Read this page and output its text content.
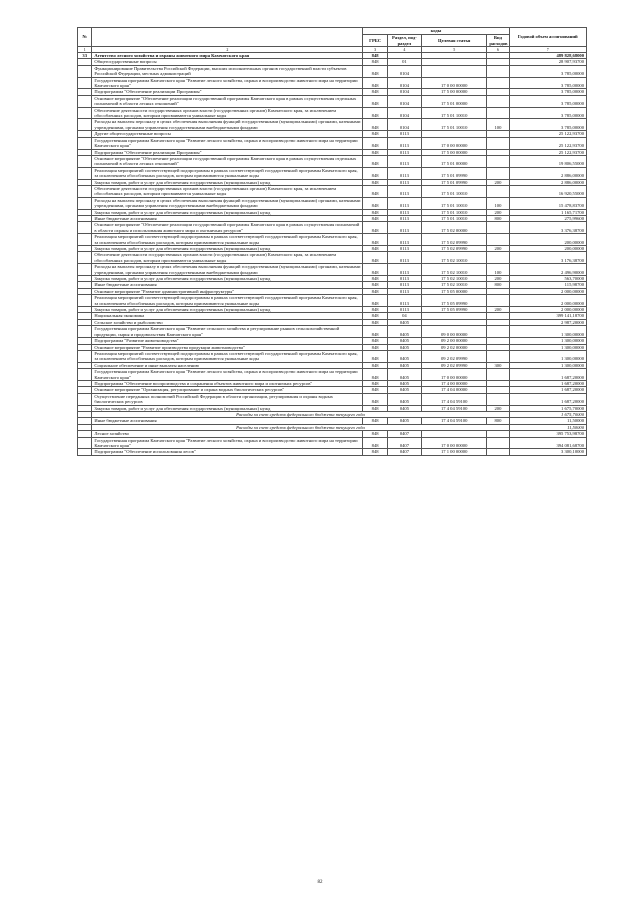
№		коды				Годовой объем ассигнований
		ГРБС	Раздел, под-раздел	Целевая статья	Вид расходов	
1	2	3	4	5	6	7
33	Агентство лесного хозяйства и охраны животного мира Камчатского края	848				489 828,68000
	Общегосударственные вопросы	848	01			28 907,93700
	Функционирование Правительства Российской Федерации, высших исполнительных органов государственной власти субъектов Российской Федерации, местных администраций	848	0104			3 785,00000
	Государственная программа Камчатского края "Развитие лесного хозяйства, охрана и воспроизводство животного мира на территории Камчатского края"	848	0104	17 0 00 00000		3 785,00000
	Подпрограмма "Обеспечение реализации Программы"	848	0104	17 5 00 00000		3 785,00000
	Основное мероприятие "Обеспечение реализации государственной программы Камчатского края в рамках осуществления отдельных полномочий в области лесных отношений"	848	0104	17 5 01 00000		3 785,00000
	Обеспечение деятельности государственных органов власти (государственных органов) Камчатского края, за исключением обособленных расходов, которым присваиваются уникальные коды	848	0104	17 5 01 10010		3 785,00000
	Расходы на выплаты персоналу в целях обеспечения выполнения функций государственными (муниципальными) органами, казенными учреждениями, органами управления государственными внебюджетными фондами	848	0104	17 5 01 10010	100	3 785,00000
	Другие общегосударственные вопросы	848	0113			25 122,93700
	Государственная программа Камчатского края "Развитие лесного хозяйства, охрана и воспроизводство животного мира на территории Камчатского края"	848	0113	17 0 00 00000		25 122,93700
	Подпрограмма "Обеспечение реализации Программы"	848	0113	17 5 00 00000		25 122,93700
	Основное мероприятие "Обеспечение реализации государственной программы Камчатского края в рамках осуществления отдельных полномочий в области лесных отношений"	848	0113	17 5 01 00000		19 806,55000
	Реализация мероприятий соответствующей подпрограммы в рамках соответствующей государственной программы Камчатского края, за исключением обособленных расходов, которым присваиваются уникальные коды	848	0113	17 5 01 09990		2 886,00000
	Закупка товаров, работ и услуг для обеспечения государственных (муниципальных) нужд	848	0113	17 5 01 09990	200	2 886,00000
	Обеспечение деятельности государственных органов власти (государственных органов) Камчатского края, за исключением обособленных расходов, которым присваиваются уникальные коды	848	0113	17 5 01 10010		16 920,55000
	Расходы на выплаты персоналу в целях обеспечения выполнения функций государственными (муниципальными) органами, казенными учреждениями, органами управления государственными внебюджетными фондами	848	0113	17 5 01 10010	100	15 478,83700
	Закупка товаров, работ и услуг для обеспечения государственных (муниципальных) нужд	848	0113	17 5 01 10010	200	1 165,71700
	Иные бюджетные ассигнования	848	0113	17 5 01 10010	800	275,99600
	Основное мероприятие "Обеспечение реализации государственной программы Камчатского края в рамках осуществления полномочий в области охраны и использования животного мира и охотничьих ресурсов"	848	0113	17 5 02 00000		3 376,38700
	Реализация мероприятий соответствующей подпрограммы в рамках соответствующей государственной программы Камчатского края, за исключением обособленных расходов, которым присваиваются уникальные коды	848	0113	17 5 02 09990		200,00000
	Закупка товаров, работ и услуг для обеспечения государственных (муниципальных) нужд	848	0113	17 5 02 09990	200	200,00000
	Обеспечение деятельности государственных органов власти (государственных органов) Камчатского края, за исключением обособленных расходов, которым присваиваются уникальные коды	848	0113	17 5 02 10010		3 176,38700
	Расходы на выплаты персоналу в целях обеспечения выполнения функций государственными (муниципальными) органами, казенными учреждениями, органами управления государственными внебюджетными фондами	848	0113	17 5 02 10010	100	2 496,90000
	Закупка товаров, работ и услуг для обеспечения государственных (муниципальных) нужд	848	0113	17 5 02 10010	200	563,70000
	Иные бюджетные ассигнования	848	0113	17 5 02 10010	800	115,98700
	Основное мероприятие "Развитие административной инфраструктуры"	848	0113	17 5 05 00000		2 000,00000
	Реализация мероприятий соответствующей подпрограммы в рамках соответствующей государственной программы Камчатского края, за исключением обособленных расходов, которым присваиваются уникальные коды	848	0113	17 5 05 09990		2 000,00000
	Закупка товаров, работ и услуг для обеспечения государственных (муниципальных) нужд	848	0113	17 5 05 09990	200	2 000,00000
	Национальная экономика	848	04			399 141,18700
	Сельское хозяйство и рыболовство	848	0405			2 987,20000
	Государственная программа Камчатского края "Развитие сельского хозяйства и регулирование рынков сельскохозяйственной продукции, сырья и продовольствия Камчатского края"	848	0405	09 0 00 00000		1 300,00000
	Подпрограмма "Развитие животноводства"	848	0405	09 2 00 00000		1 300,00000
	Основное мероприятие "Развитие производства продукции животноводства"	848	0405	09 2 02 00000		1 300,00000
	Реализация мероприятий соответствующей подпрограммы в рамках соответствующей государственной программы Камчатского края, за исключением обособленных расходов, которым присваиваются уникальные коды	848	0405	09 2 02 09990		1 300,00000
	Социальное обеспечение и иные выплаты населению	848	0405	09 2 02 09990	300	1 300,00000
	Государственная программа Камчатского края "Развитие лесного хозяйства, охрана и воспроизводство животного мира на территории Камчатского края"	848	0405	17 0 00 00000		1 687,20000
	Подпрограмма "Обеспечение воспроизводства и сохранения объектов животного мира и охотничьих ресурсов"	848	0405	17 4 00 00000		1 687,20000
	Основное мероприятие "Организация, регулирование и охрана водных биологических ресурсов"	848	0405	17 4 04 00000		1 687,20000
	Осуществление переданных полномочий Российской Федерации в области организации, регулирования и охраны водных биологических ресурсов	848	0405	17 4 04 59100		1 687,20000
	Закупка товаров, работ и услуг для обеспечения государственных (муниципальных) нужд	848	0405	17 4 04 59100	200	1 675,70000
	Расходы за счет средств федерального бюджета текущего года					1 675,70000
	Иные бюджетные ассигнования	848	0405	17 4 04 59100	800	11,50000
	Расходы за счет средств федерального бюджета текущего года					11,50000
	Лесное хозяйство	848	0407			395 753,98700
	Государственная программа Камчатского края "Развитие лесного хозяйства, охрана и воспроизводство животного мира на территории Камчатского края"	848	0407	17 0 00 00000		394 081,68700
	Подпрограмма "Обеспечение использования лесов"	848	0407	17 1 00 00000		3 300,10000
82
